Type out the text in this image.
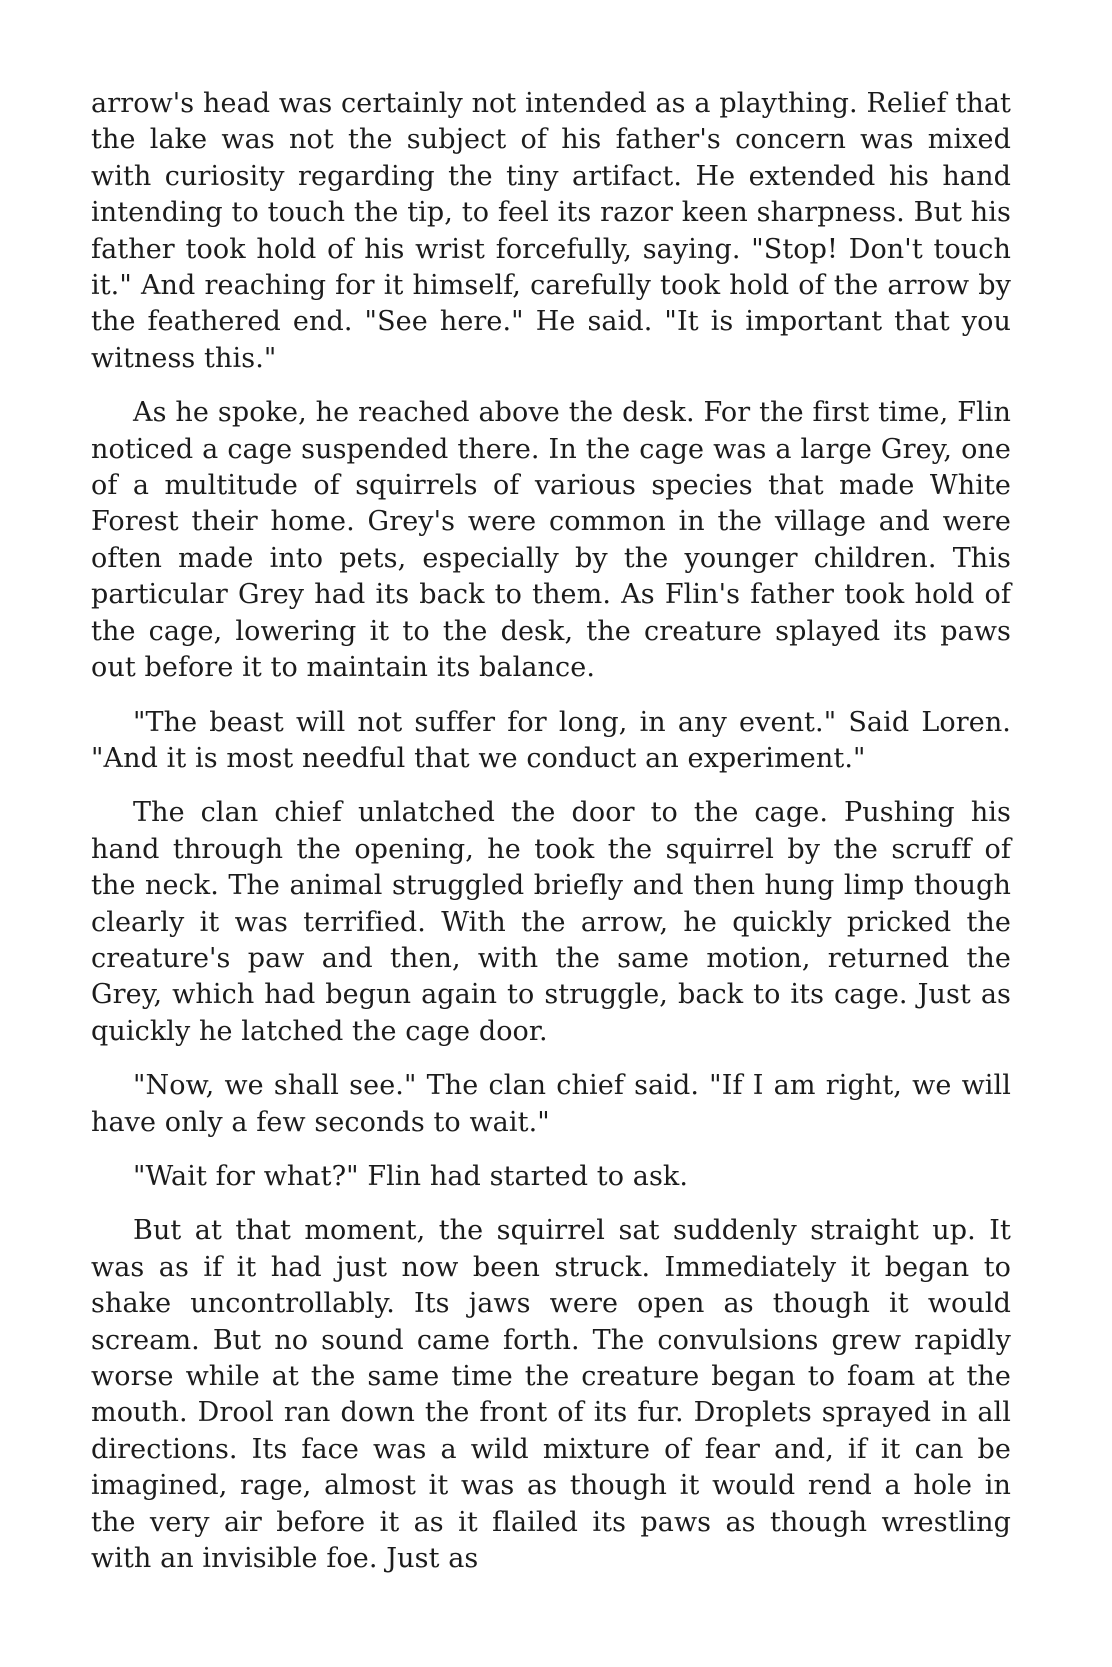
arrow's head was certainly not intended as a plaything. Relief that the lake was not the subject of his father's concern was mixed with curiosity regarding the tiny artifact. He extended his hand intending to touch the tip, to feel its razor keen sharpness. But his father took hold of his wrist forcefully, saying. "Stop! Don't touch it." And reaching for it himself, carefully took hold of the arrow by the feathered end. "See here." He said. "It is important that you witness this."

As he spoke, he reached above the desk. For the first time, Flin noticed a cage suspended there. In the cage was a large Grey, one of a multitude of squirrels of various species that made White Forest their home. Grey's were common in the village and were often made into pets, especially by the younger children. This particular Grey had its back to them. As Flin's father took hold of the cage, lowering it to the desk, the creature splayed its paws out before it to maintain its balance.

"The beast will not suffer for long, in any event." Said Loren. "And it is most needful that we conduct an experiment."

The clan chief unlatched the door to the cage. Pushing his hand through the opening, he took the squirrel by the scruff of the neck. The animal struggled briefly and then hung limp though clearly it was terrified. With the arrow, he quickly pricked the creature's paw and then, with the same motion, returned the Grey, which had begun again to struggle, back to its cage. Just as quickly he latched the cage door.

"Now, we shall see." The clan chief said. "If I am right, we will have only a few seconds to wait."

"Wait for what?" Flin had started to ask.

But at that moment, the squirrel sat suddenly straight up. It was as if it had just now been struck. Immediately it began to shake uncontrollably. Its jaws were open as though it would scream. But no sound came forth. The convulsions grew rapidly worse while at the same time the creature began to foam at the mouth. Drool ran down the front of its fur. Droplets sprayed in all directions. Its face was a wild mixture of fear and, if it can be imagined, rage, almost it was as though it would rend a hole in the very air before it as it flailed its paws as though wrestling with an invisible foe. Just as
